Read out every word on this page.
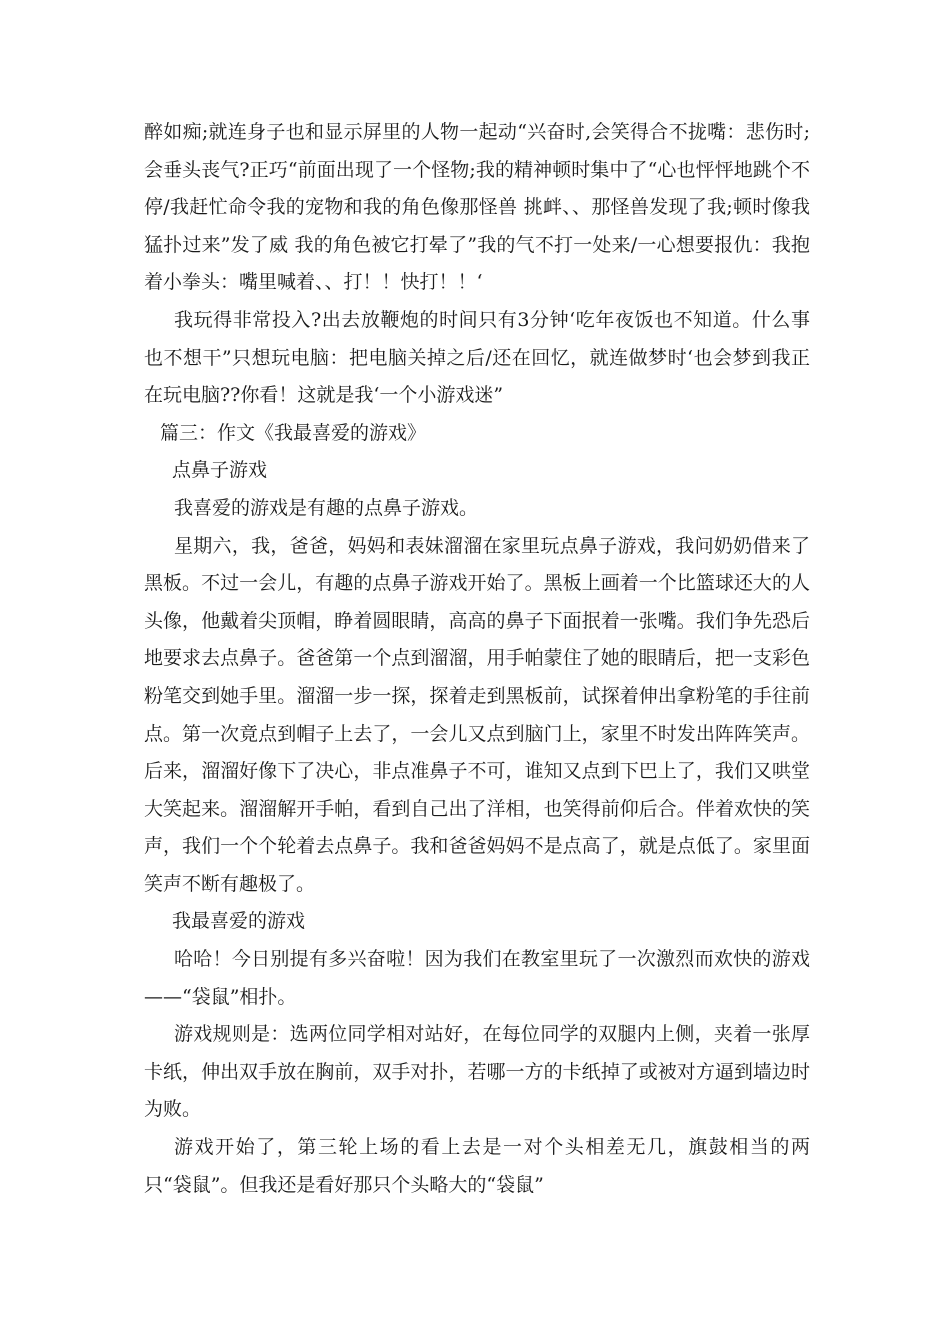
醉如痴;就连身子也和显示屏里的人物一起动“兴奋时,会笑得合不拢嘴：悲伤时;会垂头丧气?正巧“前面出现了一个怪物;我的精神顿时集中了“心也怦怦地跳个不停/我赶忙命令我的宠物和我的角色像那怪兽 挑衅、、那怪兽发现了我;顿时像我猛扑过来”发了威 我的角色被它打晕了”我的气不打一处来/一心想要报仇：我抱着小拳头：嘴里喊着、、打！！快打！！‘

我玩得非常投入?出去放鞭炮的时间只有3分钟‘吃年夜饭也不知道。什么事也不想干”只想玩电脑：把电脑关掉之后/还在回忆，就连做梦时‘也会梦到我正在玩电脑??你看！这就是我‘一个小游戏迷”

篇三：作文《我最喜爱的游戏》

点鼻子游戏

我喜爱的游戏是有趣的点鼻子游戏。

星期六，我，爸爸，妈妈和表妹溜溜在家里玩点鼻子游戏，我问奶奶借来了黑板。不过一会儿，有趣的点鼻子游戏开始了。黑板上画着一个比篮球还大的人头像，他戴着尖顶帽，睁着圆眼睛，高高的鼻子下面抿着一张嘴。我们争先恐后地要求去点鼻子。爸爸第一个点到溜溜，用手帕蒙住了她的眼睛后，把一支彩色粉笔交到她手里。溜溜一步一探，探着走到黑板前，试探着伸出拿粉笔的手往前点。第一次竟点到帽子上去了，一会儿又点到脑门上，家里不时发出阵阵笑声。后来，溜溜好像下了决心，非点准鼻子不可，谁知又点到下巴上了，我们又哄堂大笑起来。溜溜解开手帕，看到自己出了洋相，也笑得前仰后合。伴着欢快的笑声，我们一个个轮着去点鼻子。我和爸爸妈妈不是点高了，就是点低了。家里面笑声不断有趣极了。

我最喜爱的游戏

哈哈！今日别提有多兴奋啦！因为我们在教室里玩了一次激烈而欢快的游戏——“袋鼠”相扑。

游戏规则是：选两位同学相对站好，在每位同学的双腿内上侧，夹着一张厚卡纸，伸出双手放在胸前，双手对扑，若哪一方的卡纸掉了或被对方逼到墙边时为败。

游戏开始了，第三轮上场的看上去是一对个头相差无几，旗鼓相当的两只“袋鼠”。但我还是看好那只个头略大的“袋鼠”
